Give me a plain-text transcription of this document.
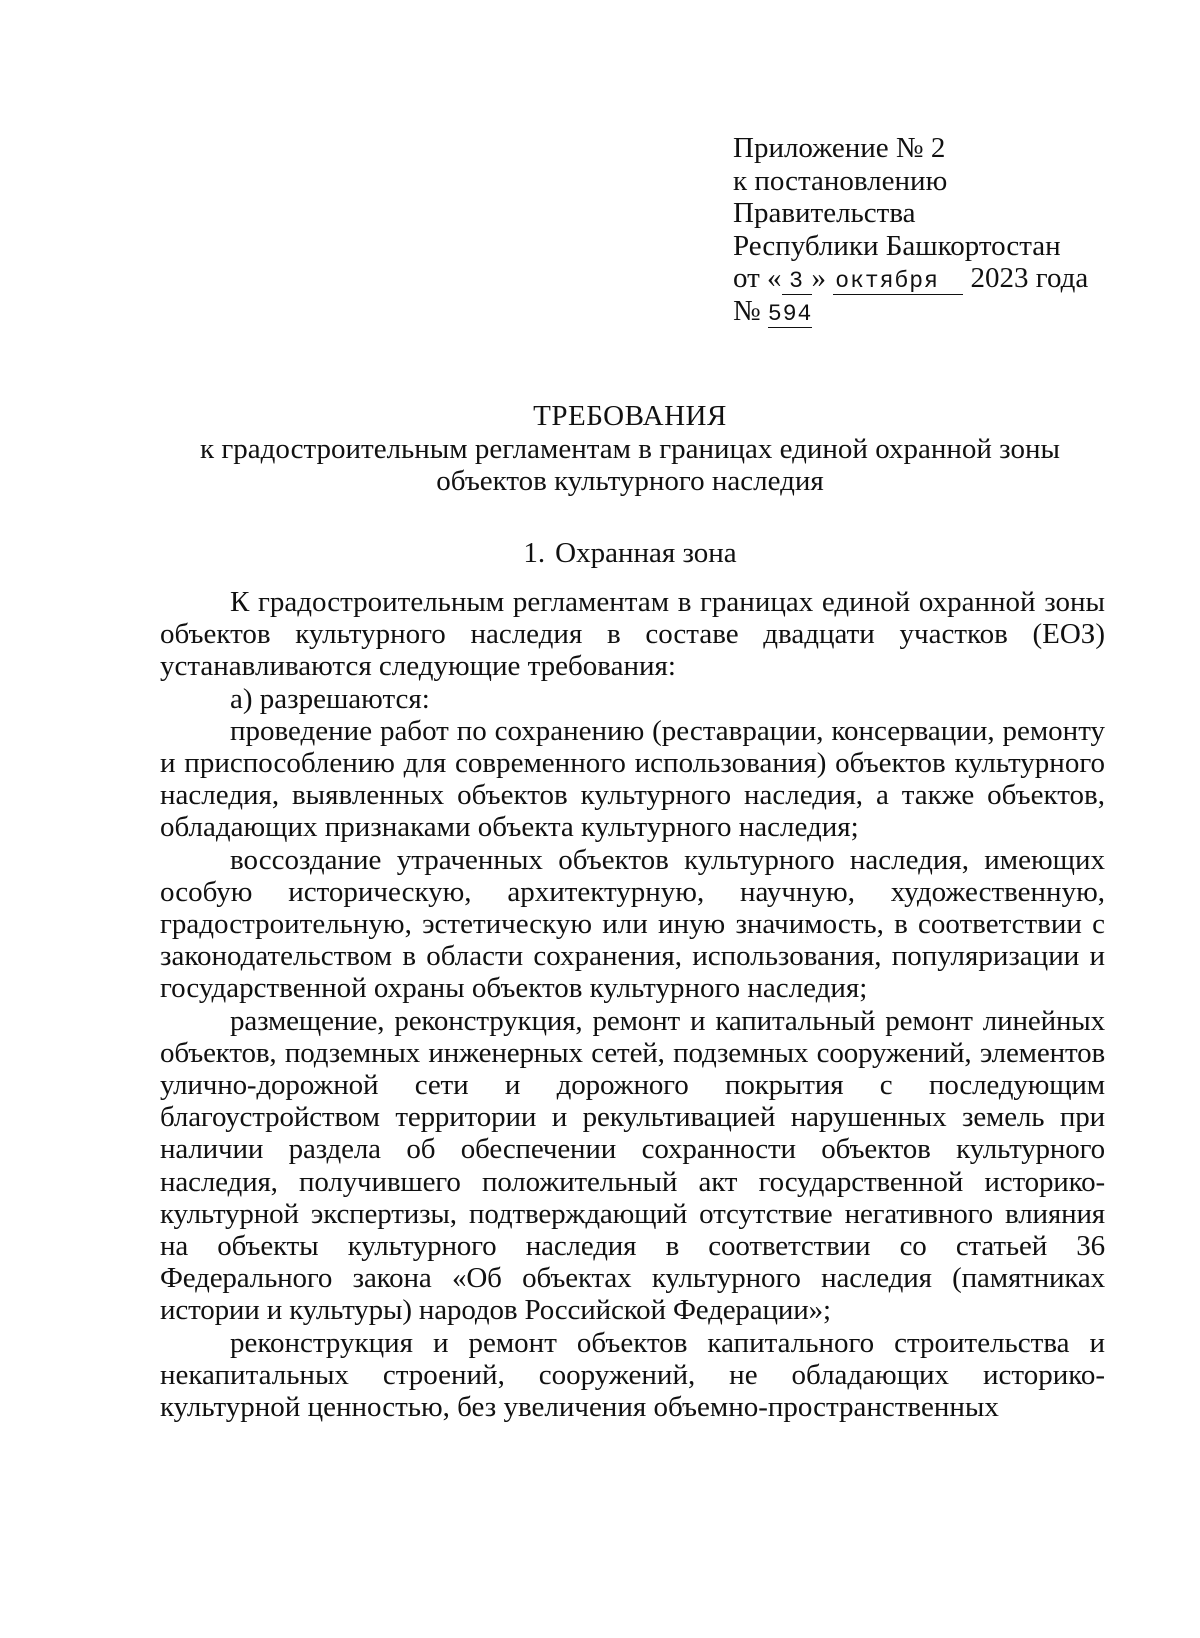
Приложение № 2
к постановлению
Правительства
Республики Башкортостан
от « 3 » октября 2023 года
№ 594
ТРЕБОВАНИЯ
к градостроительным регламентам в границах единой охранной зоны
объектов культурного наследия
1. Охранная зона

К градостроительным регламентам в границах единой охранной зоны объектов культурного наследия в составе двадцати участков (ЕОЗ) устанавливаются следующие требования:

а) разрешаются:

проведение работ по сохранению (реставрации, консервации, ремонту и приспособлению для современного использования) объектов культурного наследия, выявленных объектов культурного наследия, а также объектов, обладающих признаками объекта культурного наследия;

воссоздание утраченных объектов культурного наследия, имеющих особую историческую, архитектурную, научную, художественную, градостроительную, эстетическую или иную значимость, в соответствии с законодательством в области сохранения, использования, популяризации и государственной охраны объектов культурного наследия;

размещение, реконструкция, ремонт и капитальный ремонт линейных объектов, подземных инженерных сетей, подземных сооружений, элементов улично-дорожной сети и дорожного покрытия с последующим благоустройством территории и рекультивацией нарушенных земель при наличии раздела об обеспечении сохранности объектов культурного наследия, получившего положительный акт государственной историко-культурной экспертизы, подтверждающий отсутствие негативного влияния на объекты культурного наследия в соответствии со статьей 36 Федерального закона «Об объектах культурного наследия (памятниках истории и культуры) народов Российской Федерации»;

реконструкция и ремонт объектов капитального строительства и некапитальных строений, сооружений, не обладающих историко-культурной ценностью, без увеличения объемно-пространственных
